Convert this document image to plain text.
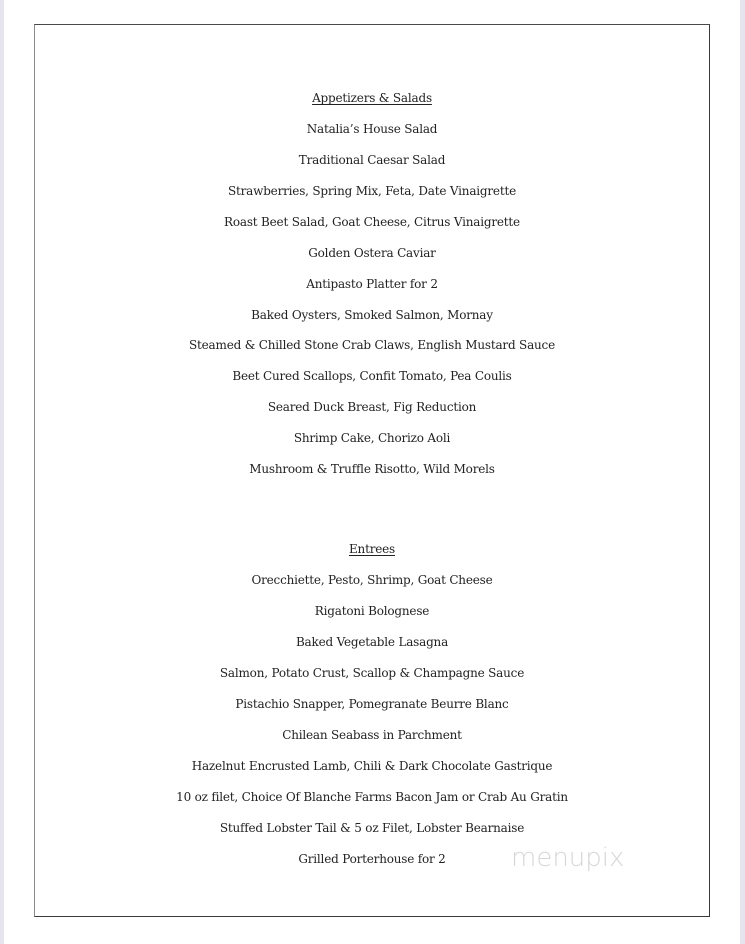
Appetizers & Salads
Natalia’s House Salad
Traditional Caesar Salad
Strawberries, Spring Mix, Feta, Date Vinaigrette
Roast Beet Salad, Goat Cheese, Citrus Vinaigrette
Golden Ostera Caviar
Antipasto Platter for 2
Baked Oysters, Smoked Salmon, Mornay
Steamed & Chilled Stone Crab Claws, English Mustard Sauce
Beet Cured Scallops, Confit Tomato, Pea Coulis
Seared Duck Breast, Fig Reduction
Shrimp Cake, Chorizo Aoli
Mushroom & Truffle Risotto, Wild Morels
Entrees
Orecchiette, Pesto, Shrimp, Goat Cheese
Rigatoni Bolognese
Baked Vegetable Lasagna
Salmon, Potato Crust, Scallop & Champagne Sauce
Pistachio Snapper, Pomegranate Beurre Blanc
Chilean Seabass in Parchment
Hazelnut Encrusted Lamb, Chili & Dark Chocolate Gastrique
10 oz filet, Choice Of Blanche Farms Bacon Jam or Crab Au Gratin
Stuffed Lobster Tail & 5 oz Filet, Lobster Bearnaise
Grilled Porterhouse for 2	menupix
